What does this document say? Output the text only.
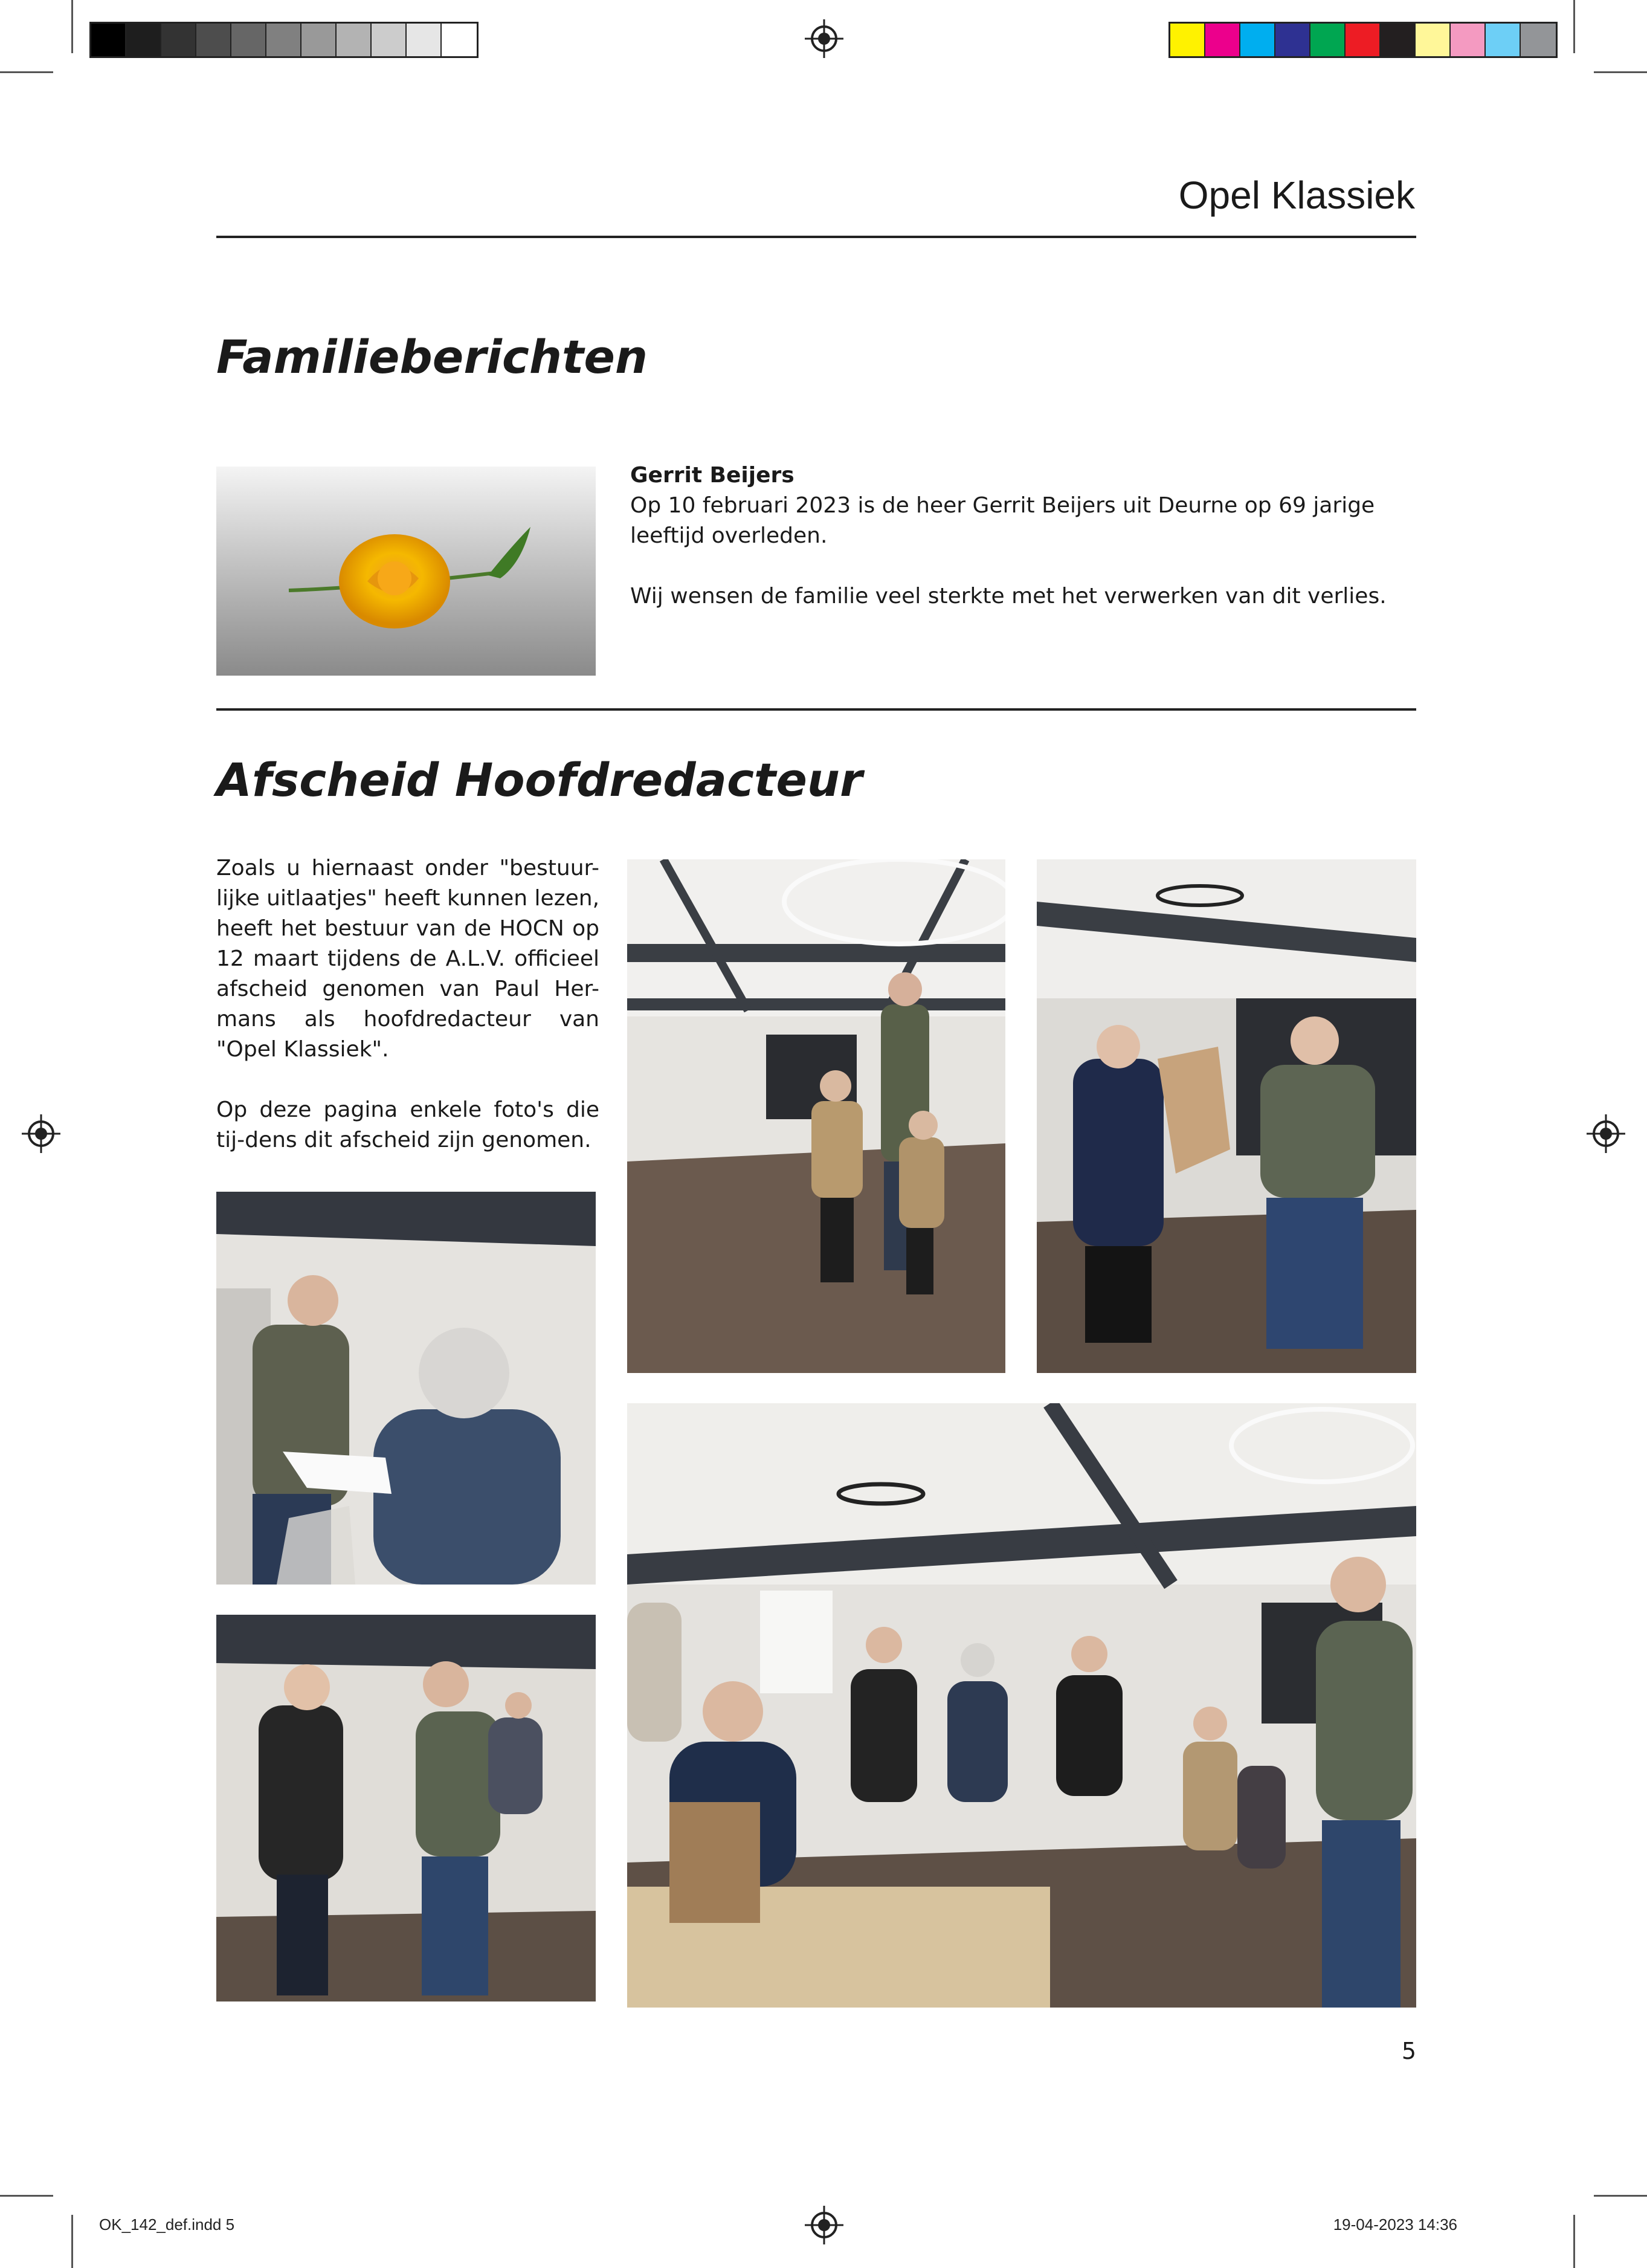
Opel Klassiek
Familieberichten

Gerrit Beijers

Op 10 februari 2023 is de heer Gerrit Beijers uit Deurne op 69 jarige leeftijd overleden.

Wij wensen de familie veel sterkte met het verwerken van dit verlies.

Afscheid Hoofdredacteur

Zoals u hiernaast onder "bestuur-lijke uitlaatjes" heeft kunnen lezen, heeft het bestuur van de HOCN op 12 maart tijdens de A.L.V. officieel afscheid genomen van Paul Her-mans als hoofdredacteur van "Opel Klassiek".

Op deze pagina enkele foto's die tij-dens dit afscheid zijn genomen.

5
OK_142_def.indd 5	19-04-2023 14:36
